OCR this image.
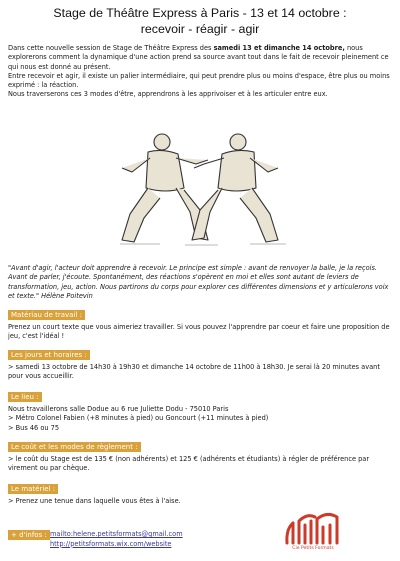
Stage de Théâtre Express à Paris - 13 et 14 octobre :
recevoir - réagir - agir
Dans cette nouvelle session de Stage de Théâtre Express des samedi 13 et dimanche 14 octobre, nous explorerons comment la dynamique d'une action prend sa source avant tout dans le fait de recevoir pleinement ce qui nous est donné au présent.
Entre recevoir et agir, il existe un palier intermédiaire, qui peut prendre plus ou moins d'espace, être plus ou moins exprimé : la réaction.
Nous traverserons ces 3 modes d'être, apprendrons à les apprivoiser et à les articuler entre eux.
"Avant d'agir, l'acteur doit apprendre à recevoir. Le principe est simple : avant de renvoyer la balle, je la reçois. Avant de parler, j'écoute. Spontanément, des réactions s'opèrent en moi et elles sont autant de leviers de transformation, jeu, action. Nous partirons du corps pour explorer ces différentes dimensions et y articulerons voix et texte." Hélène Poitevin
Matériau de travail :
Prenez un court texte que vous aimeriez travailler. Si vous pouvez l'apprendre par coeur et faire une proposition de jeu, c'est l'idéal !
Les jours et horaires :
> samedi 13 octobre de 14h30 à 19h30 et dimanche 14 octobre de 11h00 à 18h30. Je serai là 20 minutes avant pour vous accueillir.
Le lieu :
Nous travaillerons salle Dodue au 6 rue Juliette Dodu - 75010 Paris
> Métro Colonel Fabien (+8 minutes à pied) ou Goncourt (+11 minutes à pied)
> Bus 46 ou 75
Le coût et les modes de règlement :
> le coût du Stage est de 135 € (non adhérents) et 125 € (adhérents et étudiants) à régler de préférence par virement ou par chèque.
Le matériel :
> Prenez une tenue dans laquelle vous êtes à l'aise.
+ d'infos : mailto:helene.petitsformats@gmail.com
http://petitsformats.wix.com/website
Cie Petits Formats
